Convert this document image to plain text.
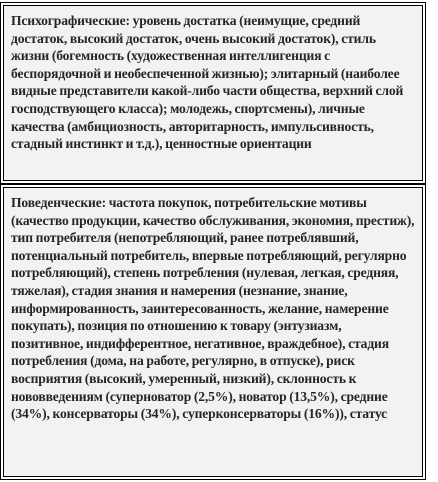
Психографические: уровень достатка (неимущие, средний достаток, высокий достаток, очень высокий достаток), стиль жизни (богемность (художественная интеллигенция с беспорядочной и необеспеченной жизнью); элитарный (наиболее видные представители какой-либо части общества, верхний слой господствующего класса); молодежь, спортсмены), личные качества (амбициозность, авторитарность, импульсивность, стадный инстинкт и т.д.), ценностные ориентации

Поведенческие: частота покупок, потребительские мотивы (качество продукции, качество обслуживания, экономия, престиж), тип потребителя (непотребляющий, ранее потреблявший, потенциальный потребитель, впервые потребляющий, регулярно потребляющий), степень потребления (нулевая, легкая, средняя, тяжелая), стадия знания и намерения (незнание, знание, информированность, заинтересованность, желание, намерение покупать), позиция по отношению к товару (энтузиазм, позитивное, индифферентное, негативное, враждебное), стадия потребления (дома, на работе, регулярно, в отпуске), риск восприятия (высокий, умеренный, низкий), склонность к нововведениям (суперноватор (2,5%), новатор (13,5%), средние (34%), консерваторы (34%), суперконсерваторы (16%)), статус
